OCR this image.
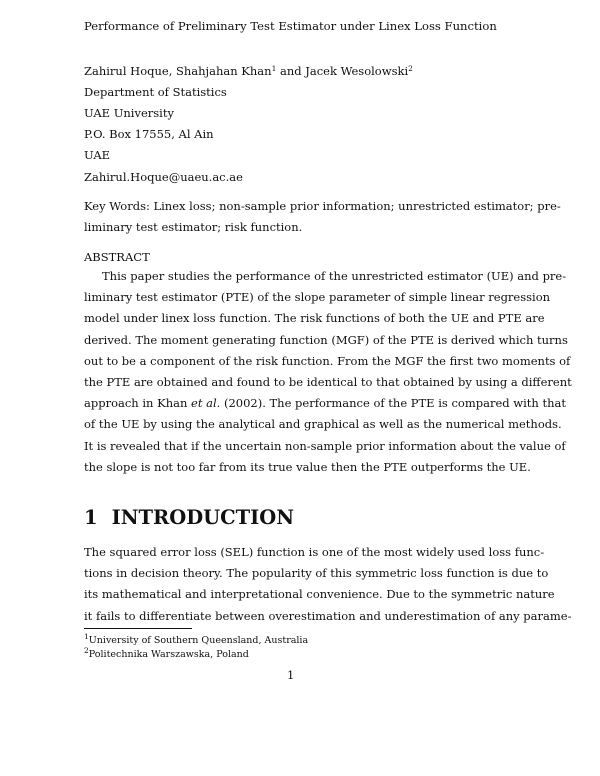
Performance of Preliminary Test Estimator under Linex Loss Function
Zahirul Hoque, Shahjahan Khan$^1$ and Jacek Wesolowski$^2$
Department of Statistics
UAE University
P.O. Box 17555, Al Ain
UAE
Zahirul.Hoque@uaeu.ac.ae

Key Words: Linex loss; non-sample prior information; unrestricted estimator; pre-

liminary test estimator; risk function.

ABSTRACT

This paper studies the performance of the unrestricted estimator (UE) and pre-

liminary test estimator (PTE) of the slope parameter of simple linear regression

model under linex loss function. The risk functions of both the UE and PTE are

derived. The moment generating function (MGF) of the PTE is derived which turns

out to be a component of the risk function. From the MGF the first two moments of

the PTE are obtained and found to be identical to that obtained by using a different

approach in Khan et al. (2002). The performance of the PTE is compared with that

of the UE by using the analytical and graphical as well as the numerical methods.

It is revealed that if the uncertain non-sample prior information about the value of

the slope is not too far from its true value then the PTE outperforms the UE.

1 INTRODUCTION

The squared error loss (SEL) function is one of the most widely used loss func-

tions in decision theory. The popularity of this symmetric loss function is due to

its mathematical and interpretational convenience. Due to the symmetric nature

it fails to differentiate between overestimation and underestimation of any parame-

$^1$University of Southern Queensland, Australia
$^2$Politechnika Warszawska, Poland
1
